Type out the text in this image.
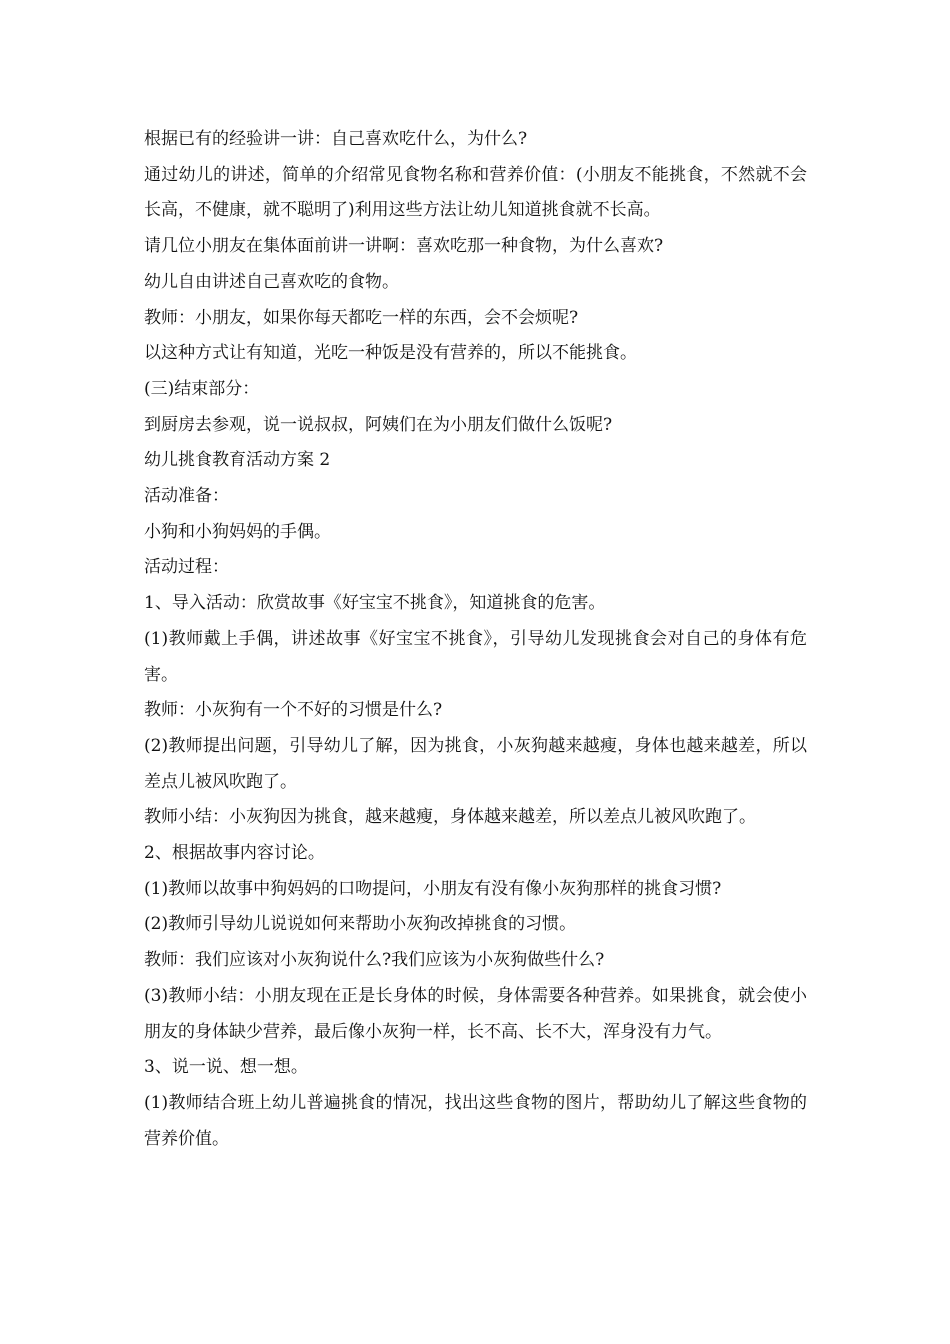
根据已有的经验讲一讲：自己喜欢吃什么，为什么?

通过幼儿的讲述，简单的介绍常见食物名称和营养价值：(小朋友不能挑食，不然就不会长高，不健康，就不聪明了)利用这些方法让幼儿知道挑食就不长高。

请几位小朋友在集体面前讲一讲啊：喜欢吃那一种食物，为什么喜欢?

幼儿自由讲述自己喜欢吃的食物。

教师：小朋友，如果你每天都吃一样的东西，会不会烦呢?

以这种方式让有知道，光吃一种饭是没有营养的，所以不能挑食。

(三)结束部分：

到厨房去参观，说一说叔叔，阿姨们在为小朋友们做什么饭呢?

幼儿挑食教育活动方案 2

活动准备：

小狗和小狗妈妈的手偶。

活动过程：

1、导入活动：欣赏故事《好宝宝不挑食》，知道挑食的危害。

(1)教师戴上手偶，讲述故事《好宝宝不挑食》，引导幼儿发现挑食会对自己的身体有危害。

教师：小灰狗有一个不好的习惯是什么?

(2)教师提出问题，引导幼儿了解，因为挑食，小灰狗越来越瘦，身体也越来越差，所以差点儿被风吹跑了。

教师小结：小灰狗因为挑食，越来越瘦，身体越来越差，所以差点儿被风吹跑了。

2、根据故事内容讨论。

(1)教师以故事中狗妈妈的口吻提问，小朋友有没有像小灰狗那样的挑食习惯?

(2)教师引导幼儿说说如何来帮助小灰狗改掉挑食的习惯。

教师：我们应该对小灰狗说什么?我们应该为小灰狗做些什么?

(3)教师小结：小朋友现在正是长身体的时候，身体需要各种营养。如果挑食，就会使小朋友的身体缺少营养，最后像小灰狗一样，长不高、长不大，浑身没有力气。

3、说一说、想一想。

(1)教师结合班上幼儿普遍挑食的情况，找出这些食物的图片，帮助幼儿了解这些食物的营养价值。
